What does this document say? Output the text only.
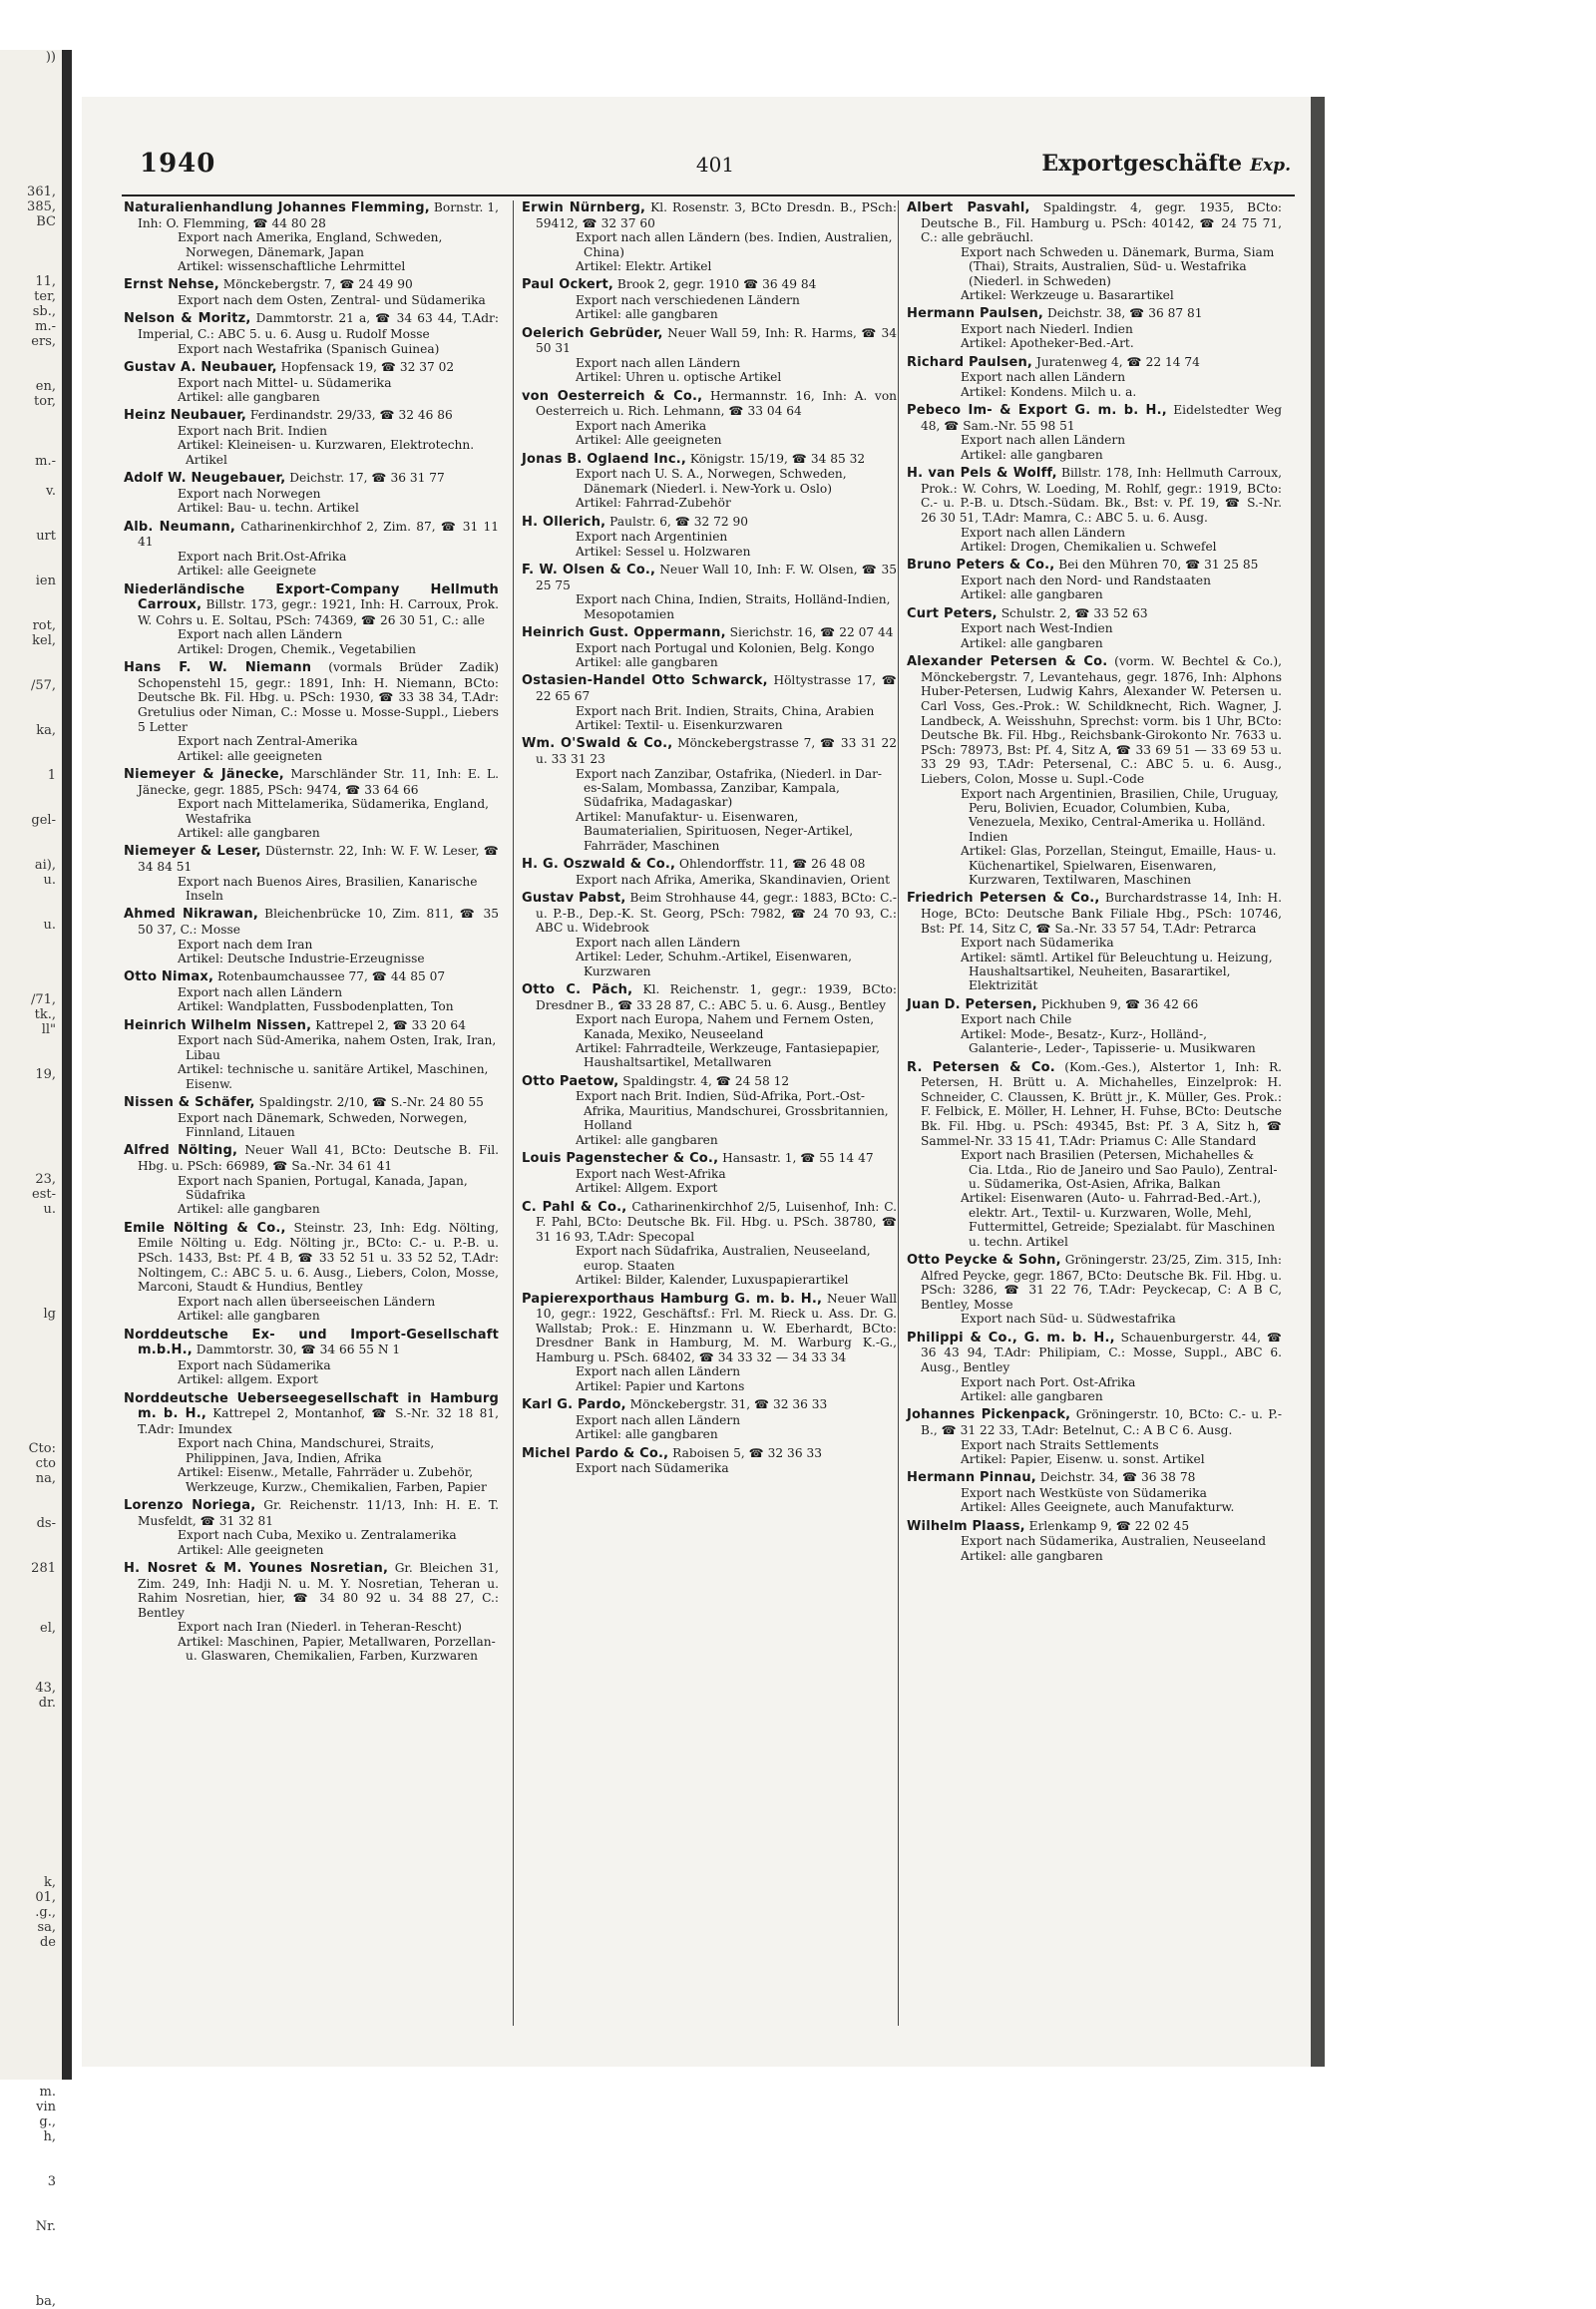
))

361,
385,
BC

11,
ter,
sb.,
m.-
ers,

en,
tor,

m.-

v.

urt

ien

rot,
kel,

/57,

ka,

1

gel-

ai),
u.

u.

/71,
tk.,
ll"

19,

23,
est-
u.

lg

Cto:
cto
na,

ds-

281

el,

43,
dr.

k,
01,
.g.,
sa,
de

m.
vin
g.,
h,

3

Nr.

ba,

1940	401	Exportgeschäfte Exp.
Naturalienhandlung Johannes Flemming, Bornstr. 1, Inh: O. Flemming, ☎ 44 80 28
Export nach Amerika, England, Schweden, Norwegen, Dänemark, Japan
Artikel: wissenschaftliche Lehrmittel
Ernst Nehse, Mönckebergstr. 7, ☎ 24 49 90
Export nach dem Osten, Zentral- und Südamerika
Nelson & Moritz, Dammtorstr. 21 a, ☎ 34 63 44, T.Adr: Imperial, C.: ABC 5. u. 6. Ausg u. Rudolf Mosse
Export nach Westafrika (Spanisch Guinea)
Gustav A. Neubauer, Hopfensack 19, ☎ 32 37 02
Export nach Mittel- u. Südamerika
Artikel: alle gangbaren
Heinz Neubauer, Ferdinandstr. 29/33, ☎ 32 46 86
Export nach Brit. Indien
Artikel: Kleineisen- u. Kurzwaren, Elektrotechn. Artikel
Adolf W. Neugebauer, Deichstr. 17, ☎ 36 31 77
Export nach Norwegen
Artikel: Bau- u. techn. Artikel
Alb. Neumann, Catharinenkirchhof 2, Zim. 87, ☎ 31 11 41
Export nach Brit.Ost-Afrika
Artikel: alle Geeignete
Niederländische Export-Company Hellmuth Carroux, Billstr. 173, gegr.: 1921, Inh: H. Carroux, Prok. W. Cohrs u. E. Soltau, PSch: 74369, ☎ 26 30 51, C.: alle
Export nach allen Ländern
Artikel: Drogen, Chemik., Vegetabilien
Hans F. W. Niemann (vormals Brüder Zadik) Schopenstehl 15, gegr.: 1891, Inh: H. Niemann, BCto: Deutsche Bk. Fil. Hbg. u. PSch: 1930, ☎ 33 38 34, T.Adr: Gretulius oder Niman, C.: Mosse u. Mosse-Suppl., Liebers 5 Letter
Export nach Zentral-Amerika
Artikel: alle geeigneten
Niemeyer & Jänecke, Marschländer Str. 11, Inh: E. L. Jänecke, gegr. 1885, PSch: 9474, ☎ 33 64 66
Export nach Mittelamerika, Südamerika, England, Westafrika
Artikel: alle gangbaren
Niemeyer & Leser, Düsternstr. 22, Inh: W. F. W. Leser, ☎ 34 84 51
Export nach Buenos Aires, Brasilien, Kanarische Inseln
Ahmed Nikrawan, Bleichenbrücke 10, Zim. 811, ☎ 35 50 37, C.: Mosse
Export nach dem Iran
Artikel: Deutsche Industrie-Erzeugnisse
Otto Nimax, Rotenbaumchaussee 77, ☎ 44 85 07
Export nach allen Ländern
Artikel: Wandplatten, Fussbodenplatten, Ton
Heinrich Wilhelm Nissen, Kattrepel 2, ☎ 33 20 64
Export nach Süd-Amerika, nahem Osten, Irak, Iran, Libau
Artikel: technische u. sanitäre Artikel, Maschinen, Eisenw.
Nissen & Schäfer, Spaldingstr. 2/10, ☎ S.-Nr. 24 80 55
Export nach Dänemark, Schweden, Norwegen, Finnland, Litauen
Alfred Nölting, Neuer Wall 41, BCto: Deutsche B. Fil. Hbg. u. PSch: 66989, ☎ Sa.-Nr. 34 61 41
Export nach Spanien, Portugal, Kanada, Japan, Südafrika
Artikel: alle gangbaren
Emile Nölting & Co., Steinstr. 23, Inh: Edg. Nölting, Emile Nölting u. Edg. Nölting jr., BCto: C.- u. P.-B. u. PSch. 1433, Bst: Pf. 4 B, ☎ 33 52 51 u. 33 52 52, T.Adr: Noltingem, C.: ABC 5. u. 6. Ausg., Liebers, Colon, Mosse, Marconi, Staudt & Hundius, Bentley
Export nach allen überseeischen Ländern
Artikel: alle gangbaren
Norddeutsche Ex- und Import-Gesellschaft m.b.H., Dammtorstr. 30, ☎ 34 66 55 N 1
Export nach Südamerika
Artikel: allgem. Export
Norddeutsche Ueberseegesellschaft in Hamburg m. b. H., Kattrepel 2, Montanhof, ☎ S.-Nr. 32 18 81, T.Adr: Imundex
Export nach China, Mandschurei, Straits, Philippinen, Java, Indien, Afrika
Artikel: Eisenw., Metalle, Fahrräder u. Zubehör, Werkzeuge, Kurzw., Chemikalien, Farben, Papier
Lorenzo Noriega, Gr. Reichenstr. 11/13, Inh: H. E. T. Musfeldt, ☎ 31 32 81
Export nach Cuba, Mexiko u. Zentralamerika
Artikel: Alle geeigneten
H. Nosret & M. Younes Nosretian, Gr. Bleichen 31, Zim. 249, Inh: Hadji N. u. M. Y. Nosretian, Teheran u. Rahim Nosretian, hier, ☎ 34 80 92 u. 34 88 27, C.: Bentley
Export nach Iran (Niederl. in Teheran-Rescht)
Artikel: Maschinen, Papier, Metallwaren, Porzellan- u. Glaswaren, Chemikalien, Farben, Kurzwaren
Erwin Nürnberg, Kl. Rosenstr. 3, BCto Dresdn. B., PSch: 59412, ☎ 32 37 60
Export nach allen Ländern (bes. Indien, Australien, China)
Artikel: Elektr. Artikel
Paul Ockert, Brook 2, gegr. 1910 ☎ 36 49 84
Export nach verschiedenen Ländern
Artikel: alle gangbaren
Oelerich Gebrüder, Neuer Wall 59, Inh: R. Harms, ☎ 34 50 31
Export nach allen Ländern
Artikel: Uhren u. optische Artikel
von Oesterreich & Co., Hermannstr. 16, Inh: A. von Oesterreich u. Rich. Lehmann, ☎ 33 04 64
Export nach Amerika
Artikel: Alle geeigneten
Jonas B. Oglaend Inc., Königstr. 15/19, ☎ 34 85 32
Export nach U. S. A., Norwegen, Schweden, Dänemark (Niederl. i. New-York u. Oslo)
Artikel: Fahrrad-Zubehör
H. Ollerich, Paulstr. 6, ☎ 32 72 90
Export nach Argentinien
Artikel: Sessel u. Holzwaren
F. W. Olsen & Co., Neuer Wall 10, Inh: F. W. Olsen, ☎ 35 25 75
Export nach China, Indien, Straits, Holländ-Indien, Mesopotamien
Heinrich Gust. Oppermann, Sierichstr. 16, ☎ 22 07 44
Export nach Portugal und Kolonien, Belg. Kongo
Artikel: alle gangbaren
Ostasien-Handel Otto Schwarck, Höltystrasse 17, ☎ 22 65 67
Export nach Brit. Indien, Straits, China, Arabien
Artikel: Textil- u. Eisenkurzwaren
Wm. O'Swald & Co., Mönckebergstrasse 7, ☎ 33 31 22 u. 33 31 23
Export nach Zanzibar, Ostafrika, (Niederl. in Dar-es-Salam, Mombassa, Zanzibar, Kampala, Südafrika, Madagaskar)
Artikel: Manufaktur- u. Eisenwaren, Baumaterialien, Spirituosen, Neger-Artikel, Fahrräder, Maschinen
H. G. Oszwald & Co., Ohlendorffstr. 11, ☎ 26 48 08
Export nach Afrika, Amerika, Skandinavien, Orient
Gustav Pabst, Beim Strohhause 44, gegr.: 1883, BCto: C.- u. P.-B., Dep.-K. St. Georg, PSch: 7982, ☎ 24 70 93, C.: ABC u. Widebrook
Export nach allen Ländern
Artikel: Leder, Schuhm.-Artikel, Eisenwaren, Kurzwaren
Otto C. Päch, Kl. Reichenstr. 1, gegr.: 1939, BCto: Dresdner B., ☎ 33 28 87, C.: ABC 5. u. 6. Ausg., Bentley
Export nach Europa, Nahem und Fernem Osten, Kanada, Mexiko, Neuseeland
Artikel: Fahrradteile, Werkzeuge, Fantasiepapier, Haushaltsartikel, Metallwaren
Otto Paetow, Spaldingstr. 4, ☎ 24 58 12
Export nach Brit. Indien, Süd-Afrika, Port.-Ost-Afrika, Mauritius, Mandschurei, Grossbritannien, Holland
Artikel: alle gangbaren
Louis Pagenstecher & Co., Hansastr. 1, ☎ 55 14 47
Export nach West-Afrika
Artikel: Allgem. Export
C. Pahl & Co., Catharinenkirchhof 2/5, Luisenhof, Inh: C. F. Pahl, BCto: Deutsche Bk. Fil. Hbg. u. PSch. 38780, ☎ 31 16 93, T.Adr: Specopal
Export nach Südafrika, Australien, Neuseeland, europ. Staaten
Artikel: Bilder, Kalender, Luxuspapierartikel
Papierexporthaus Hamburg G. m. b. H., Neuer Wall 10, gegr.: 1922, Geschäftsf.: Frl. M. Rieck u. Ass. Dr. G. Wallstab; Prok.: E. Hinzmann u. W. Eberhardt, BCto: Dresdner Bank in Hamburg, M. M. Warburg K.-G., Hamburg u. PSch. 68402, ☎ 34 33 32 — 34 33 34
Export nach allen Ländern
Artikel: Papier und Kartons
Karl G. Pardo, Mönckebergstr. 31, ☎ 32 36 33
Export nach allen Ländern
Artikel: alle gangbaren
Michel Pardo & Co., Raboisen 5, ☎ 32 36 33
Export nach Südamerika
Albert Pasvahl, Spaldingstr. 4, gegr. 1935, BCto: Deutsche B., Fil. Hamburg u. PSch: 40142, ☎ 24 75 71, C.: alle gebräuchl.
Export nach Schweden u. Dänemark, Burma, Siam (Thai), Straits, Australien, Süd- u. Westafrika (Niederl. in Schweden)
Artikel: Werkzeuge u. Basarartikel
Hermann Paulsen, Deichstr. 38, ☎ 36 87 81
Export nach Niederl. Indien
Artikel: Apotheker-Bed.-Art.
Richard Paulsen, Juratenweg 4, ☎ 22 14 74
Export nach allen Ländern
Artikel: Kondens. Milch u. a.
Pebeco Im- & Export G. m. b. H., Eidelstedter Weg 48, ☎ Sam.-Nr. 55 98 51
Export nach allen Ländern
Artikel: alle gangbaren
H. van Pels & Wolff, Billstr. 178, Inh: Hellmuth Carroux, Prok.: W. Cohrs, W. Loeding, M. Rohlf, gegr.: 1919, BCto: C.- u. P.-B. u. Dtsch.-Südam. Bk., Bst: v. Pf. 19, ☎ S.-Nr. 26 30 51, T.Adr: Mamra, C.: ABC 5. u. 6. Ausg.
Export nach allen Ländern
Artikel: Drogen, Chemikalien u. Schwefel
Bruno Peters & Co., Bei den Mühren 70, ☎ 31 25 85
Export nach den Nord- und Randstaaten
Artikel: alle gangbaren
Curt Peters, Schulstr. 2, ☎ 33 52 63
Export nach West-Indien
Artikel: alle gangbaren
Alexander Petersen & Co. (vorm. W. Bechtel & Co.), Mönckebergstr. 7, Levantehaus, gegr. 1876, Inh: Alphons Huber-Petersen, Ludwig Kahrs, Alexander W. Petersen u. Carl Voss, Ges.-Prok.: W. Schildknecht, Rich. Wagner, J. Landbeck, A. Weisshuhn, Sprechst: vorm. bis 1 Uhr, BCto: Deutsche Bk. Fil. Hbg., Reichsbank-Girokonto Nr. 7633 u. PSch: 78973, Bst: Pf. 4, Sitz A, ☎ 33 69 51 — 33 69 53 u. 33 29 93, T.Adr: Petersenal, C.: ABC 5. u. 6. Ausg., Liebers, Colon, Mosse u. Supl.-Code
Export nach Argentinien, Brasilien, Chile, Uruguay, Peru, Bolivien, Ecuador, Columbien, Kuba, Venezuela, Mexiko, Central-Amerika u. Holländ. Indien
Artikel: Glas, Porzellan, Steingut, Emaille, Haus- u. Küchenartikel, Spielwaren, Eisenwaren, Kurzwaren, Textilwaren, Maschinen
Friedrich Petersen & Co., Burchardstrasse 14, Inh: H. Hoge, BCto: Deutsche Bank Filiale Hbg., PSch: 10746, Bst: Pf. 14, Sitz C, ☎ Sa.-Nr. 33 57 54, T.Adr: Petrarca
Export nach Südamerika
Artikel: sämtl. Artikel für Beleuchtung u. Heizung, Haushaltsartikel, Neuheiten, Basarartikel, Elektrizität
Juan D. Petersen, Pickhuben 9, ☎ 36 42 66
Export nach Chile
Artikel: Mode-, Besatz-, Kurz-, Holländ-, Galanterie-, Leder-, Tapisserie- u. Musikwaren
R. Petersen & Co. (Kom.-Ges.), Alstertor 1, Inh: R. Petersen, H. Brütt u. A. Michahelles, Einzelprok: H. Schneider, C. Claussen, K. Brütt jr., K. Müller, Ges. Prok.: F. Felbick, E. Möller, H. Lehner, H. Fuhse, BCto: Deutsche Bk. Fil. Hbg. u. PSch: 49345, Bst: Pf. 3 A, Sitz h, ☎ Sammel-Nr. 33 15 41, T.Adr: Priamus C: Alle Standard
Export nach Brasilien (Petersen, Michahelles & Cia. Ltda., Rio de Janeiro und Sao Paulo), Zentral- u. Südamerika, Ost-Asien, Afrika, Balkan
Artikel: Eisenwaren (Auto- u. Fahrrad-Bed.-Art.), elektr. Art., Textil- u. Kurzwaren, Wolle, Mehl, Futtermittel, Getreide; Spezialabt. für Maschinen u. techn. Artikel
Otto Peycke & Sohn, Gröningerstr. 23/25, Zim. 315, Inh: Alfred Peycke, gegr. 1867, BCto: Deutsche Bk. Fil. Hbg. u. PSch: 3286, ☎ 31 22 76, T.Adr: Peyckecap, C: A B C, Bentley, Mosse
Export nach Süd- u. Südwestafrika
Philippi & Co., G. m. b. H., Schauenburgerstr. 44, ☎ 36 43 94, T.Adr: Philipiam, C.: Mosse, Suppl., ABC 6. Ausg., Bentley
Export nach Port. Ost-Afrika
Artikel: alle gangbaren
Johannes Pickenpack, Gröningerstr. 10, BCto: C.- u. P.-B., ☎ 31 22 33, T.Adr: Betelnut, C.: A B C 6. Ausg.
Export nach Straits Settlements
Artikel: Papier, Eisenw. u. sonst. Artikel
Hermann Pinnau, Deichstr. 34, ☎ 36 38 78
Export nach Westküste von Südamerika
Artikel: Alles Geeignete, auch Manufakturw.
Wilhelm Plaass, Erlenkamp 9, ☎ 22 02 45
Export nach Südamerika, Australien, Neuseeland
Artikel: alle gangbaren
